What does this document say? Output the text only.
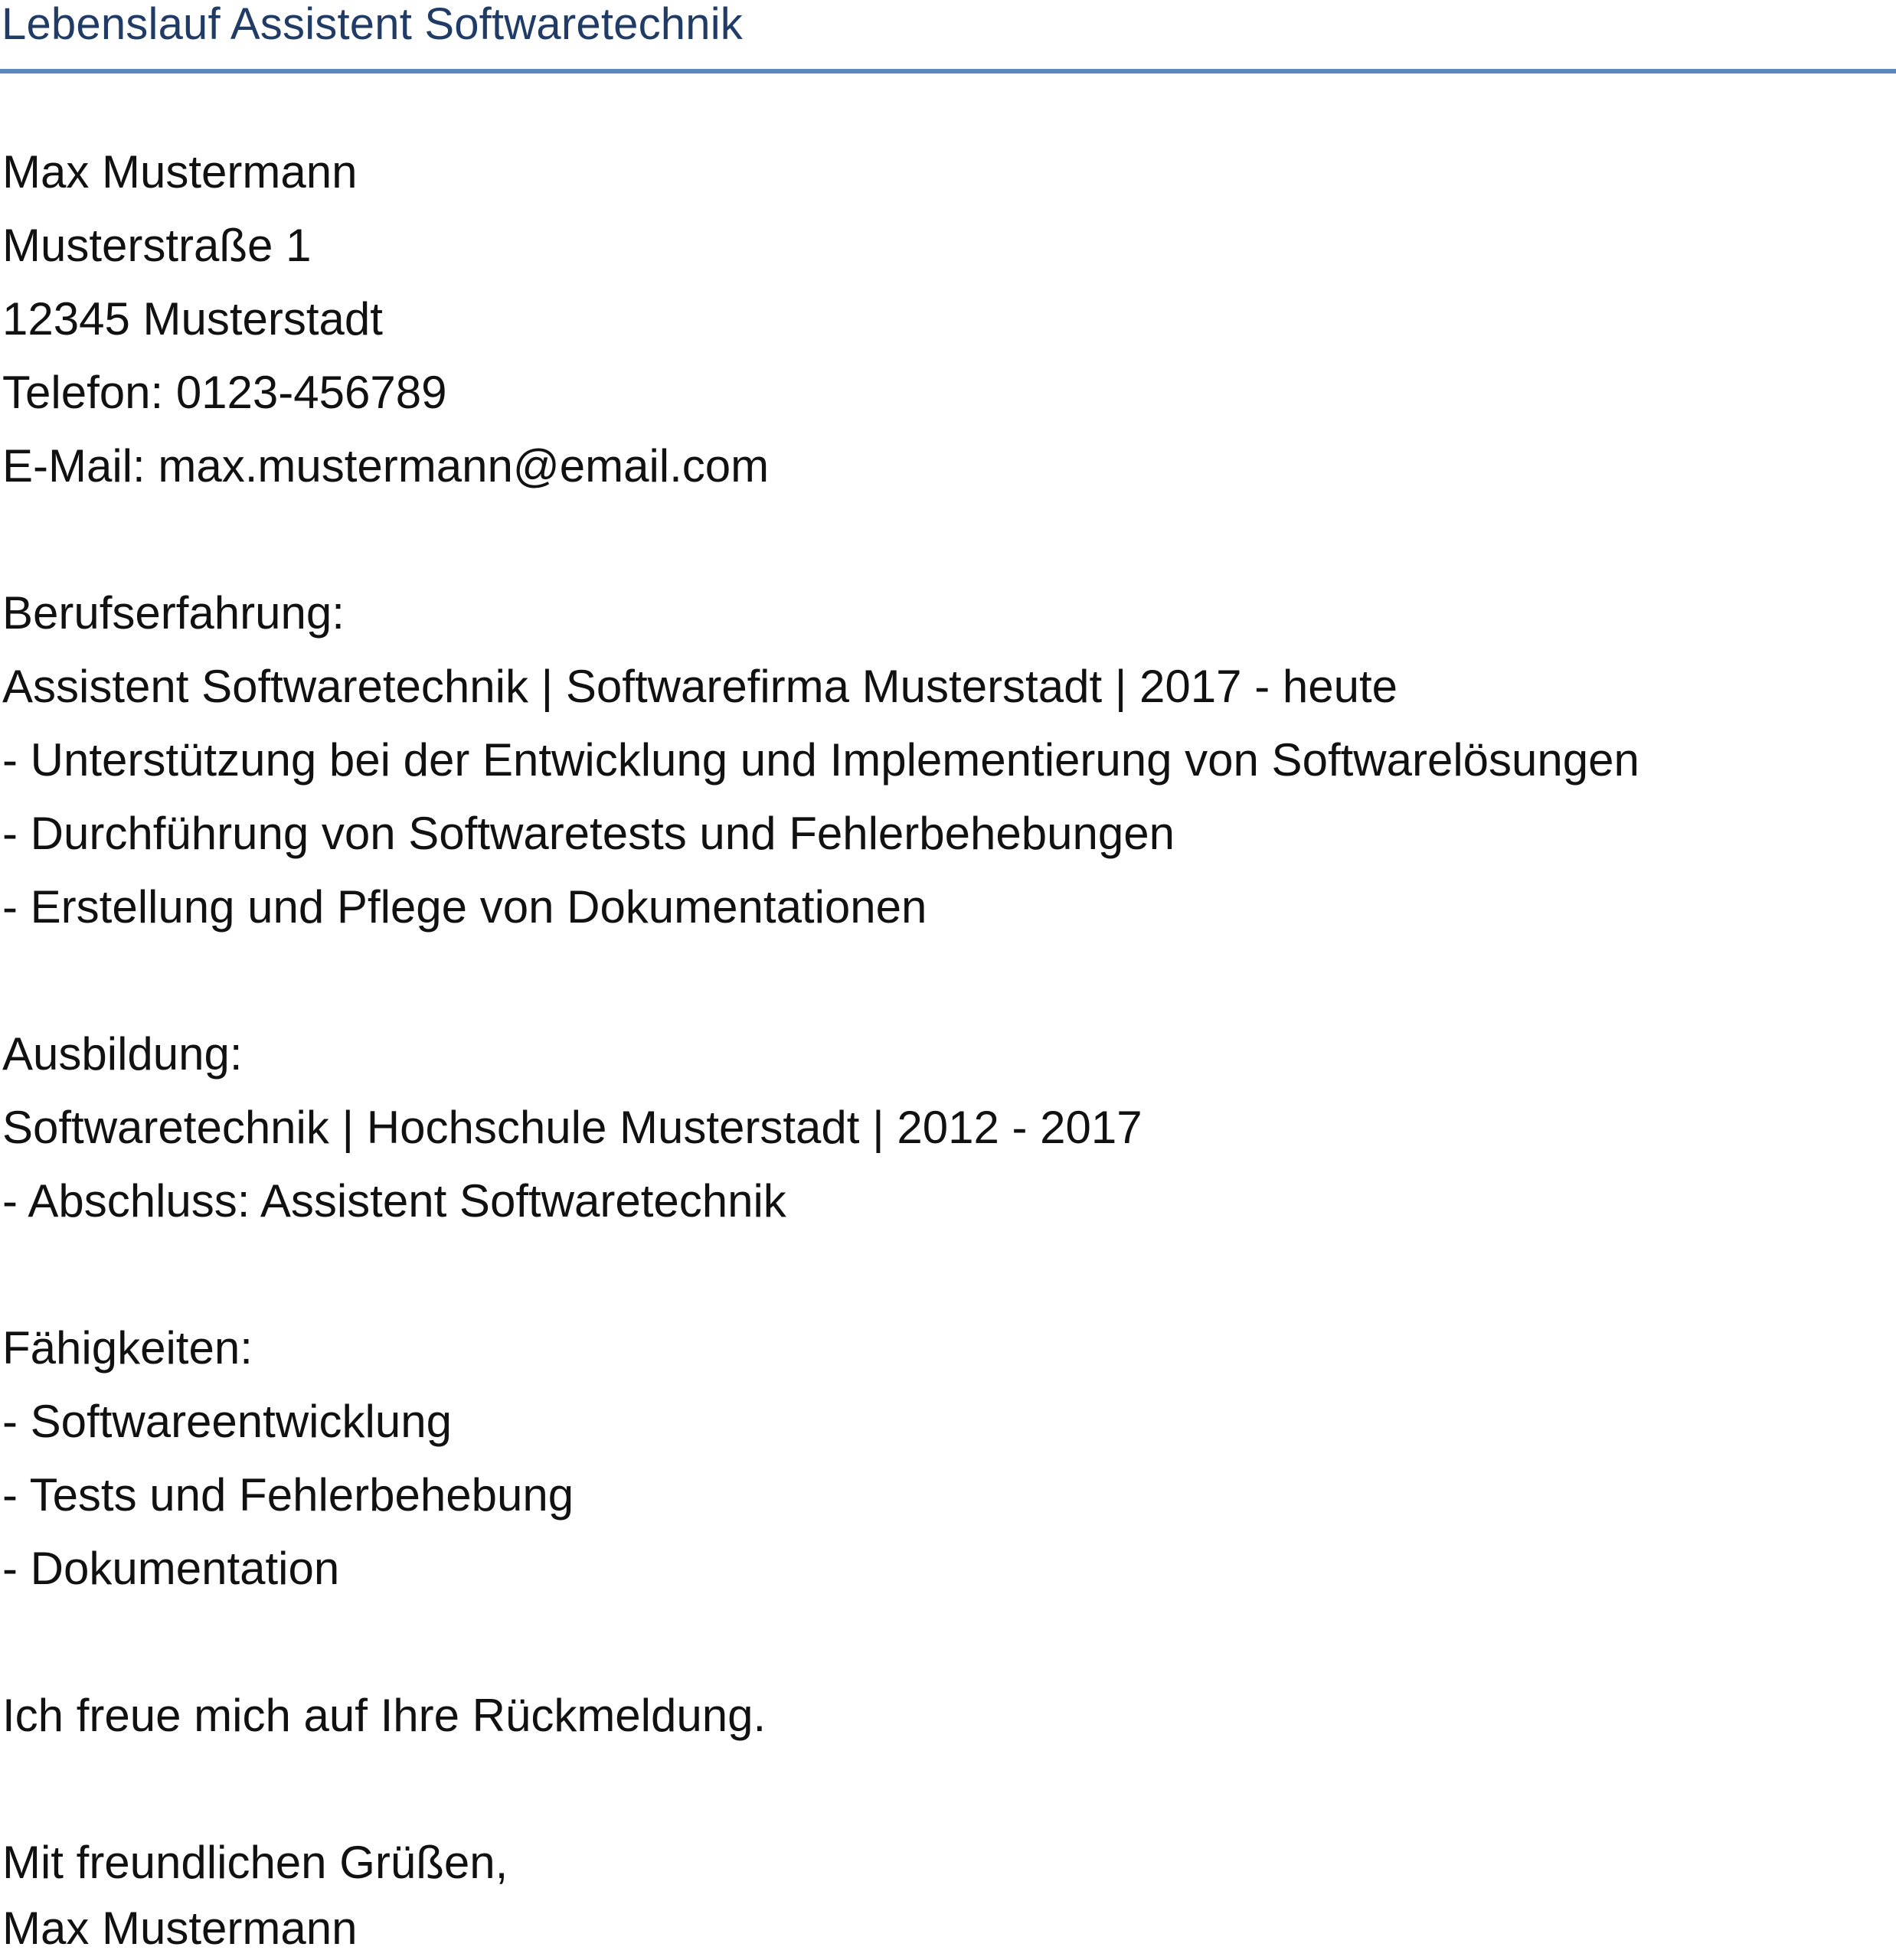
Lebenslauf Assistent Softwaretechnik
Max Mustermann
Musterstraße 1
12345 Musterstadt
Telefon: 0123-456789
E-Mail: max.mustermann@email.com
Berufserfahrung:
Assistent Softwaretechnik | Softwarefirma Musterstadt | 2017 - heute
- Unterstützung bei der Entwicklung und Implementierung von Softwarelösungen
- Durchführung von Softwaretests und Fehlerbehebungen
- Erstellung und Pflege von Dokumentationen
Ausbildung:
Softwaretechnik | Hochschule Musterstadt | 2012 - 2017
- Abschluss: Assistent Softwaretechnik
Fähigkeiten:
- Softwareentwicklung
- Tests und Fehlerbehebung
- Dokumentation
Ich freue mich auf Ihre Rückmeldung.
Mit freundlichen Grüßen,
Max Mustermann
